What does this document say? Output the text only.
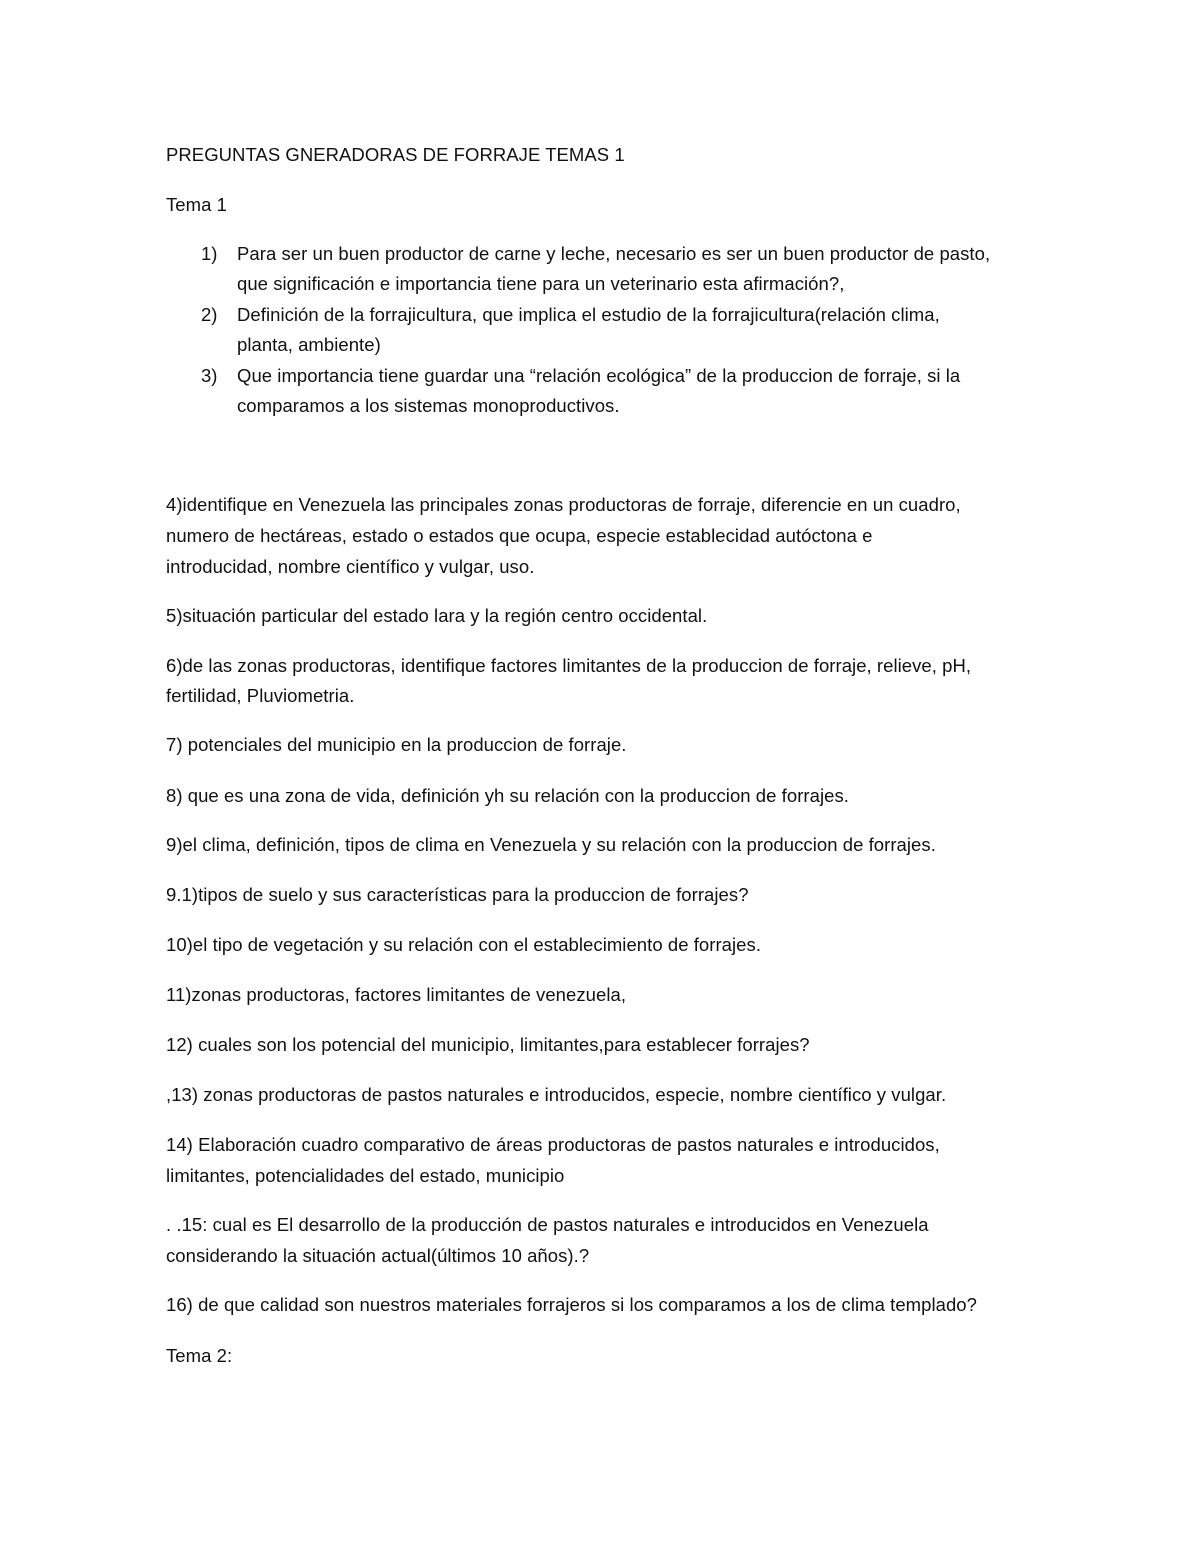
PREGUNTAS GNERADORAS DE FORRAJE TEMAS 1
Tema 1
1) Para ser un buen productor de carne y leche, necesario es ser un buen productor de pasto,
que significación e importancia tiene para un veterinario esta afirmación?,
2) Definición de la forrajicultura, que implica el estudio de la forrajicultura(relación clima,
planta, ambiente)
3) Que importancia tiene guardar una “relación ecológica” de la produccion de forraje, si la
comparamos a los sistemas monoproductivos.
4)identifique en Venezuela las principales zonas productoras de forraje, diferencie en un cuadro,
numero de hectáreas, estado o estados que ocupa, especie establecidad autóctona e
introducidad, nombre científico y vulgar, uso.
5)situación particular del estado lara y la región centro occidental.
6)de las zonas productoras, identifique factores limitantes de la produccion de forraje, relieve, pH,
fertilidad, Pluviometria.
7) potenciales del municipio en la produccion de forraje.
8) que es una zona de vida, definición yh su relación con la produccion de forrajes.
9)el clima, definición, tipos de clima en Venezuela y su relación con la produccion de forrajes.
9.1)tipos de suelo y sus características para la produccion de forrajes?
10)el tipo de vegetación y su relación con el establecimiento de forrajes.
11)zonas productoras, factores limitantes de venezuela,
12) cuales son los potencial del municipio, limitantes,para establecer forrajes?
,13) zonas productoras de pastos naturales e introducidos, especie, nombre científico y vulgar.
14) Elaboración cuadro comparativo de áreas productoras de pastos naturales e introducidos,
limitantes, potencialidades del estado, municipio
. .15: cual es El desarrollo de la producción de pastos naturales e introducidos en Venezuela
considerando la situación actual(últimos 10 años).?
16) de que calidad son nuestros materiales forrajeros si los comparamos a los de clima templado?
Tema 2:
